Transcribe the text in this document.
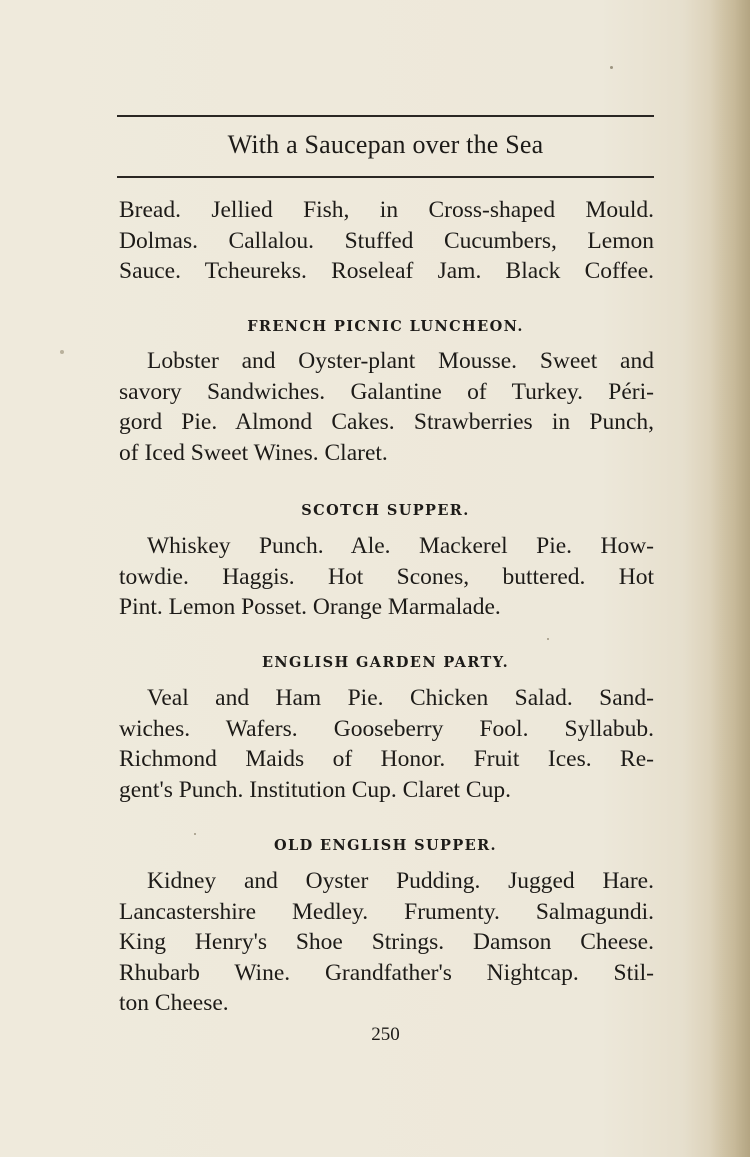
With a Saucepan over the Sea
Bread. Jellied Fish, in Cross-shaped Mould.
Dolmas. Callalou. Stuffed Cucumbers, Lemon
Sauce. Tcheureks. Roseleaf Jam. Black Coffee.
FRENCH PICNIC LUNCHEON.
Lobster and Oyster-plant Mousse. Sweet and
savory Sandwiches. Galantine of Turkey. Péri-
gord Pie. Almond Cakes. Strawberries in Punch,
of Iced Sweet Wines. Claret.
SCOTCH SUPPER.
Whiskey Punch. Ale. Mackerel Pie. How-
towdie. Haggis. Hot Scones, buttered. Hot
Pint. Lemon Posset. Orange Marmalade.
ENGLISH GARDEN PARTY.
Veal and Ham Pie. Chicken Salad. Sand-
wiches. Wafers. Gooseberry Fool. Syllabub.
Richmond Maids of Honor. Fruit Ices. Re-
gent's Punch. Institution Cup. Claret Cup.
OLD ENGLISH SUPPER.
Kidney and Oyster Pudding. Jugged Hare.
Lancastershire Medley. Frumenty. Salmagundi.
King Henry's Shoe Strings. Damson Cheese.
Rhubarb Wine. Grandfather's Nightcap. Stil-
ton Cheese.
250
